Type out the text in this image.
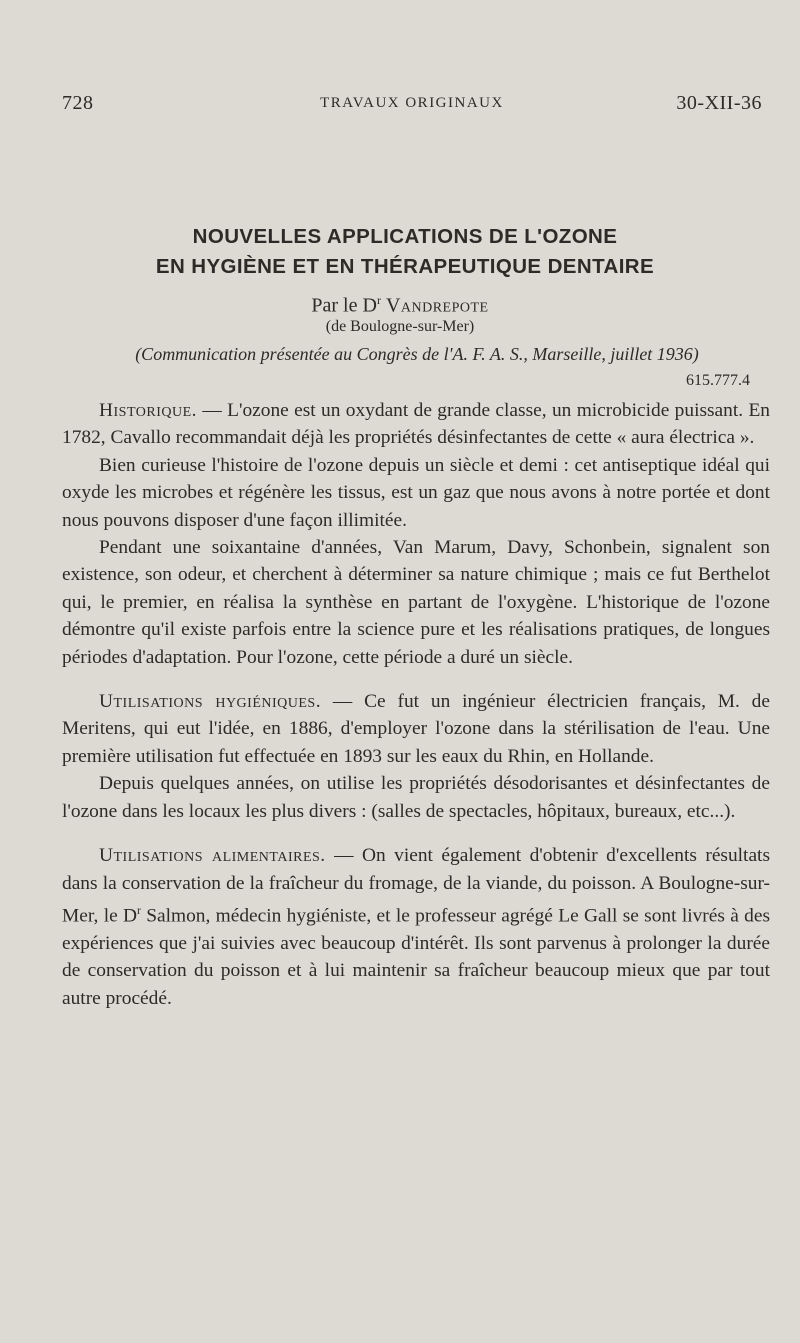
728	TRAVAUX ORIGINAUX	30-XII-36
NOUVELLES APPLICATIONS DE L'OZONE
EN HYGIÈNE ET EN THÉRAPEUTIQUE DENTAIRE
Par le $D^r$ Vandrepote
(de Boulogne-sur-Mer)
(Communication présentée au Congrès de l'A. F. A. S., Marseille, juillet 1936)
615.777.4

Historique. — L'ozone est un oxydant de grande classe, un microbicide puissant. En 1782, Cavallo recommandait déjà les propriétés désinfectantes de cette « aura électrica ».

Bien curieuse l'histoire de l'ozone depuis un siècle et demi : cet antiseptique idéal qui oxyde les microbes et régénère les tissus, est un gaz que nous avons à notre portée et dont nous pouvons disposer d'une façon illimitée.

Pendant une soixantaine d'années, Van Marum, Davy, Schonbein, signalent son existence, son odeur, et cherchent à déterminer sa nature chimique ; mais ce fut Berthelot qui, le premier, en réalisa la synthèse en partant de l'oxygène. L'historique de l'ozone démontre qu'il existe parfois entre la science pure et les réalisations pratiques, de longues périodes d'adaptation. Pour l'ozone, cette période a duré un siècle.

Utilisations hygiéniques. — Ce fut un ingénieur électricien français, M. de Meritens, qui eut l'idée, en 1886, d'employer l'ozone dans la stérilisation de l'eau. Une première utilisation fut effectuée en 1893 sur les eaux du Rhin, en Hollande.

Depuis quelques années, on utilise les propriétés désodorisantes et désinfectantes de l'ozone dans les locaux les plus divers : (salles de spectacles, hôpitaux, bureaux, etc...).

Utilisations alimentaires. — On vient également d'obtenir d'excellents résultats dans la conservation de la fraîcheur du fromage, de la viande, du poisson. A Boulogne-sur-Mer, le $D^r$ Salmon, médecin hygiéniste, et le professeur agrégé Le Gall se sont livrés à des expériences que j'ai suivies avec beaucoup d'intérêt. Ils sont parvenus à prolonger la durée de conservation du poisson et à lui maintenir sa fraîcheur beaucoup mieux que par tout autre procédé.
